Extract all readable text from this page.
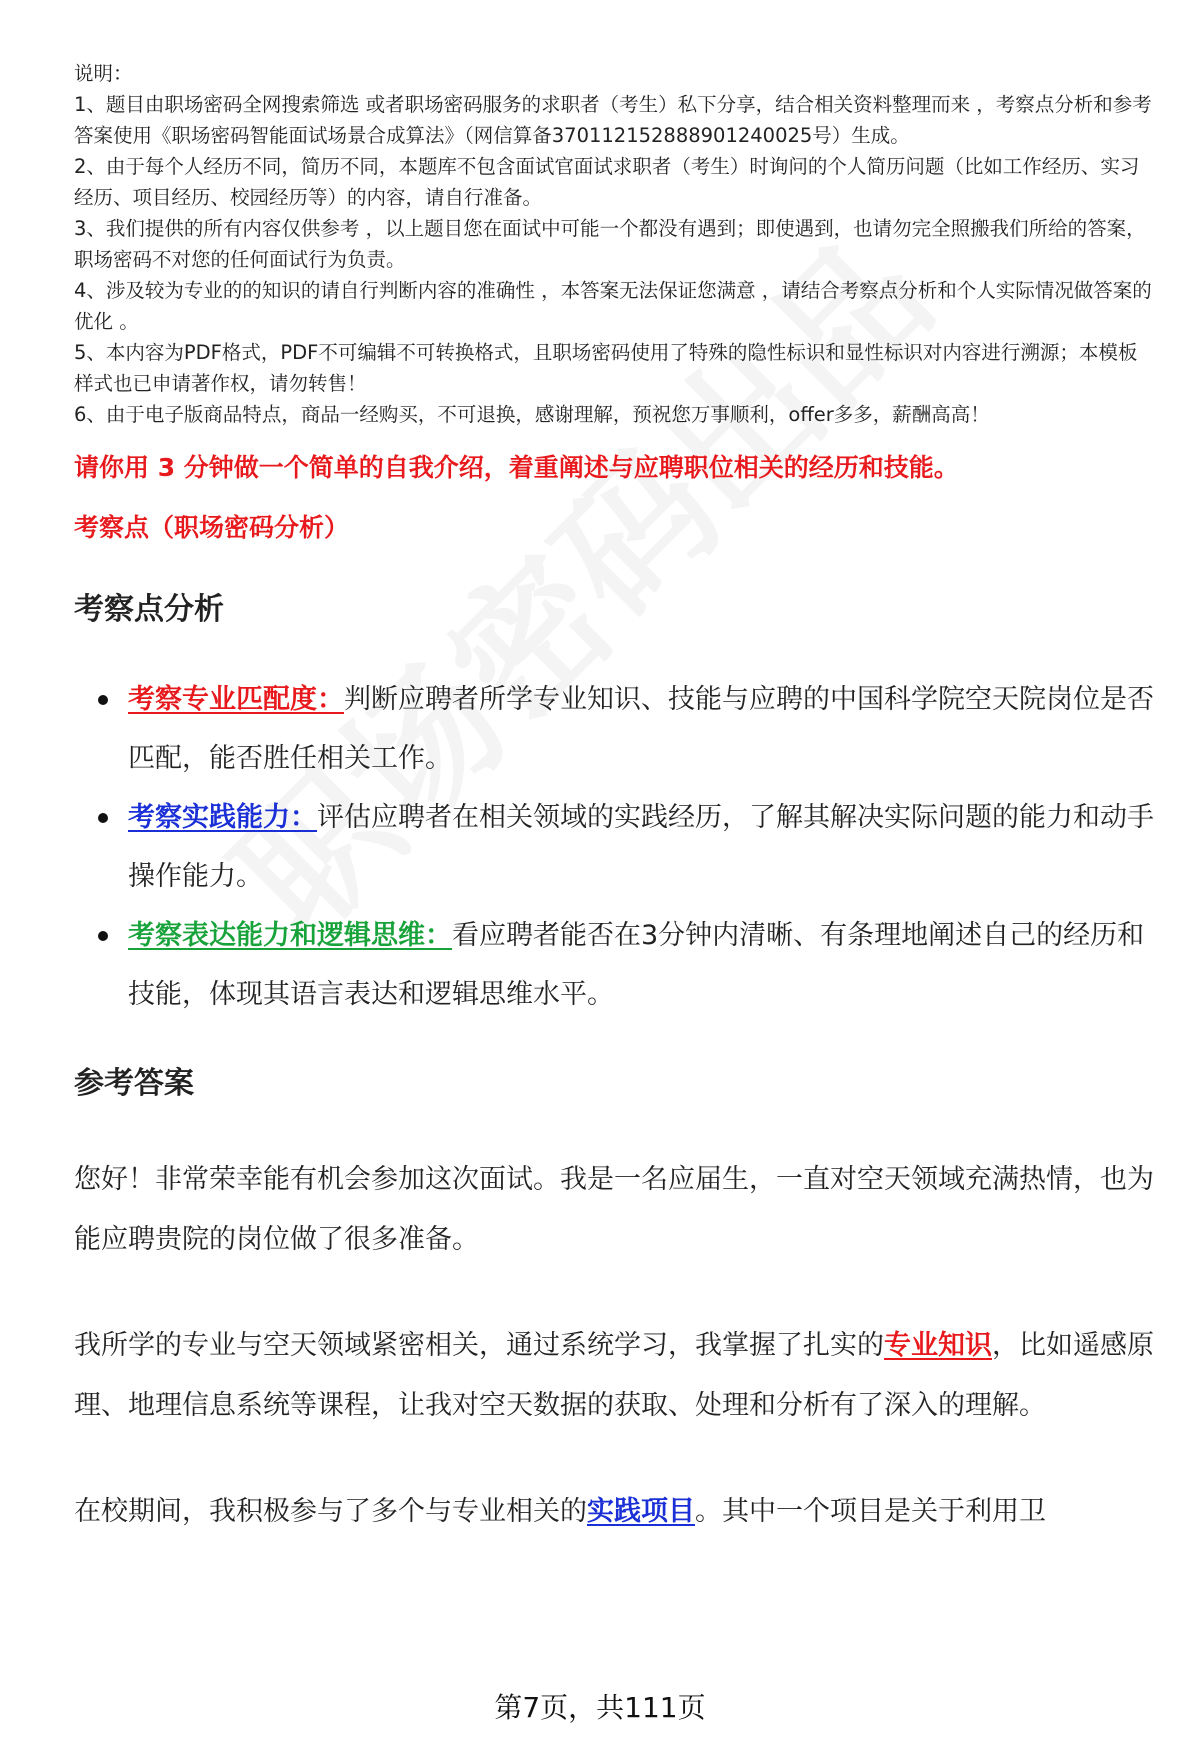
说明：

1、题目由职场密码全网搜索筛选 或者职场密码服务的求职者（考生）私下分享，结合相关资料整理而来 ，考察点分析和参考答案使用《职场密码智能面试场景合成算法》（网信算备370112152888901240025号）生成。

2、由于每个人经历不同，简历不同，本题库不包含面试官面试求职者（考生）时询问的个人简历问题（比如工作经历、实习经历、项目经历、校园经历等）的内容，请自行准备。

3、我们提供的所有内容仅供参考 ，以上题目您在面试中可能一个都没有遇到；即使遇到，也请勿完全照搬我们所给的答案，职场密码不对您的任何面试行为负责。

4、涉及较为专业的的知识的请自行判断内容的准确性 ，本答案无法保证您满意 ，请结合考察点分析和个人实际情况做答案的优化 。

5、本内容为PDF格式，PDF不可编辑不可转换格式，且职场密码使用了特殊的隐性标识和显性标识对内容进行溯源；本模板样式也已申请著作权，请勿转售！

6、由于电子版商品特点，商品一经购买，不可退换，感谢理解，预祝您万事顺利，offer多多，薪酬高高！

请你用 3 分钟做一个简单的自我介绍，着重阐述与应聘职位相关的经历和技能。
考察点（职场密码分析）
考察点分析
考察专业匹配度：判断应聘者所学专业知识、技能与应聘的中国科学院空天院岗位是否匹配，能否胜任相关工作。
考察实践能力：评估应聘者在相关领域的实践经历，了解其解决实际问题的能力和动手操作能力。
考察表达能力和逻辑思维：看应聘者能否在3分钟内清晰、有条理地阐述自己的经历和技能，体现其语言表达和逻辑思维水平。
参考答案

您好！非常荣幸能有机会参加这次面试。我是一名应届生，一直对空天领域充满热情，也为能应聘贵院的岗位做了很多准备。

我所学的专业与空天领域紧密相关，通过系统学习，我掌握了扎实的专业知识，比如遥感原理、地理信息系统等课程，让我对空天数据的获取、处理和分析有了深入的理解。

在校期间，我积极参与了多个与专业相关的实践项目。其中一个项目是关于利用卫

第7页，共111页
